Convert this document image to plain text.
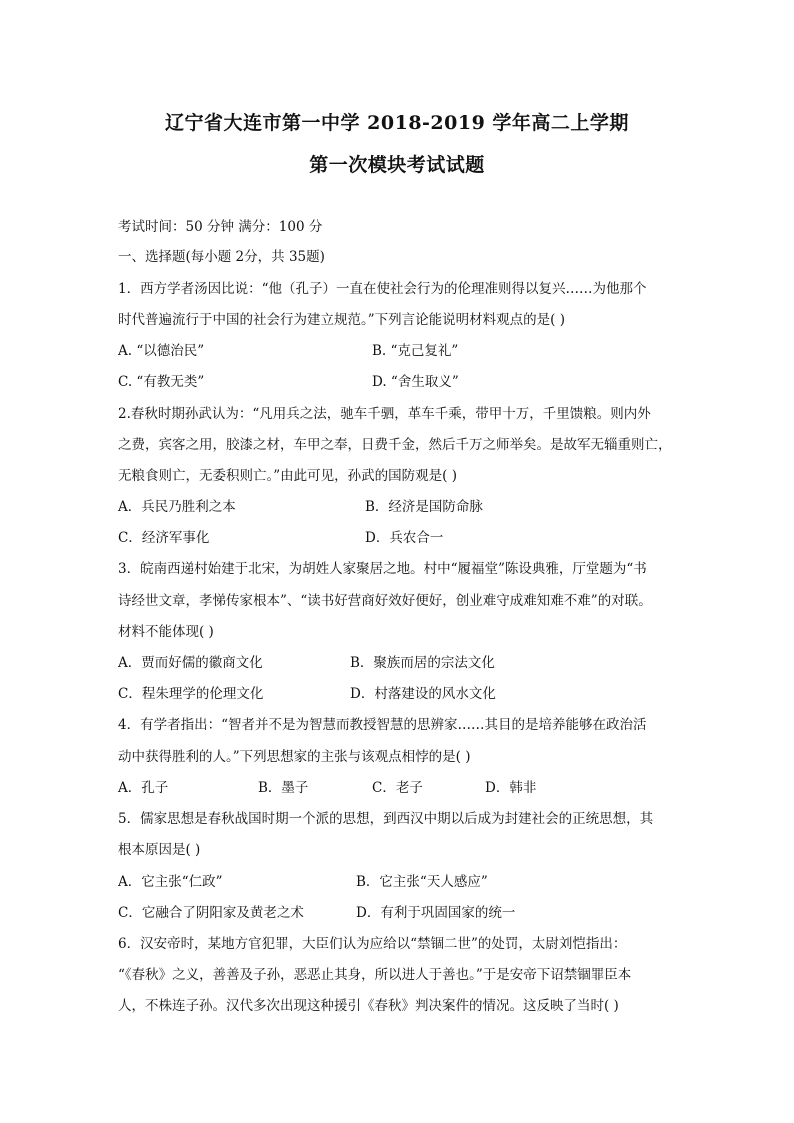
辽宁省大连市第一中学 2018-2019 学年高二上学期
第一次模块考试试题
考试时间：50 分钟 满分：100 分
一、选择题(每小题 2分，共 35题)
1．西方学者汤因比说：“他（孔子）一直在使社会行为的伦理准则得以复兴……为他那个
时代普遍流行于中国的社会行为建立规范。”下列言论能说明材料观点的是( )
A. “以德治民”	B. “克己复礼”
C. “有教无类”	D. “舍生取义”
2.春秋时期孙武认为：“凡用兵之法，驰车千驷，革车千乘，带甲十万，千里馈粮。则内外
之费，宾客之用，胶漆之材，车甲之奉，日费千金，然后千万之师举矣。是故军无辎重则亡，
无粮食则亡，无委积则亡。”由此可见，孙武的国防观是( )
A．兵民乃胜利之本	B．经济是国防命脉
C．经济军事化	D．兵农合一
3．皖南西递村始建于北宋，为胡姓人家聚居之地。村中“履福堂”陈设典雅，厅堂题为“书
诗经世文章，孝悌传家根本”、“读书好营商好效好便好，创业难守成难知难不难”的对联。
材料不能体现( )
A．贾而好儒的徽商文化	B．聚族而居的宗法文化
C．程朱理学的伦理文化	D．村落建设的风水文化
4．有学者指出：“智者并不是为智慧而教授智慧的思辨家……其目的是培养能够在政治活
动中获得胜利的人。”下列思想家的主张与该观点相悖的是( )
A．孔子	B．墨子	C．老子	D．韩非
5．儒家思想是春秋战国时期一个派的思想，到西汉中期以后成为封建社会的正统思想，其
根本原因是( )
A．它主张“仁政”	B．它主张“天人感应”
C．它融合了阴阳家及黄老之术	D．有利于巩固国家的统一
6．汉安帝时，某地方官犯罪，大臣们认为应给以“禁锢二世”的处罚，太尉刘恺指出：
“《春秋》之义，善善及子孙，恶恶止其身，所以进人于善也。”于是安帝下诏禁锢罪臣本
人，不株连子孙。汉代多次出现这种援引《春秋》判决案件的情况。这反映了当时( )
